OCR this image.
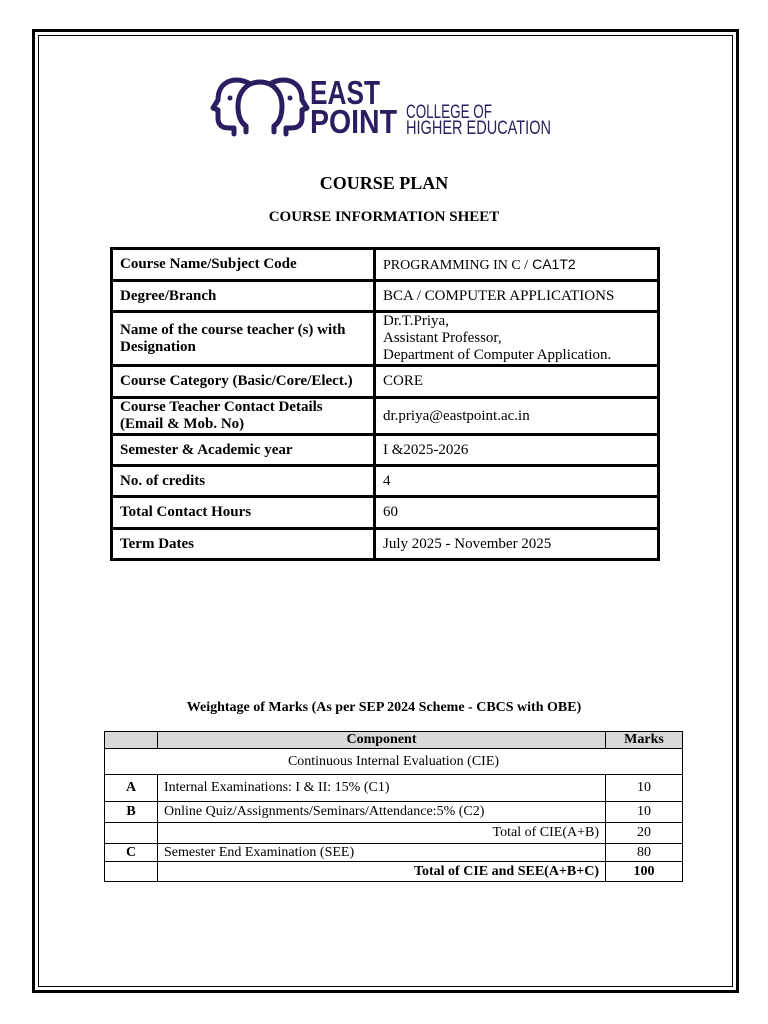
EAST
POINT COLLEGE OF
HIGHER EDUCATION
COURSE PLAN
COURSE INFORMATION SHEET
Course Name/Subject Code	PROGRAMMING IN C / CA1T2
Degree/Branch	BCA / COMPUTER APPLICATIONS

Name of the course teacher (s) with
Designation	Dr.T.Priya,
Assistant Professor,
Department of Computer Application.

Course Category (Basic/Core/Elect.)	CORE

Course Teacher Contact Details
(Email & Mob. No)	dr.priya@eastpoint.ac.in
Semester & Academic year	I &2025-2026
No. of credits	4
Total Contact Hours	60
Term Dates	July 2025 - November 2025
Weightage of Marks (As per SEP 2024 Scheme - CBCS with OBE)
	Component	Marks
Continuous Internal Evaluation (CIE)		
A	Internal Examinations: I & II: 15% (C1)	10
B	Online Quiz/Assignments/Seminars/Attendance:5% (C2)	10
	Total of CIE(A+B)	20
C	Semester End Examination (SEE)	80
	Total of CIE and SEE(A+B+C)	100
